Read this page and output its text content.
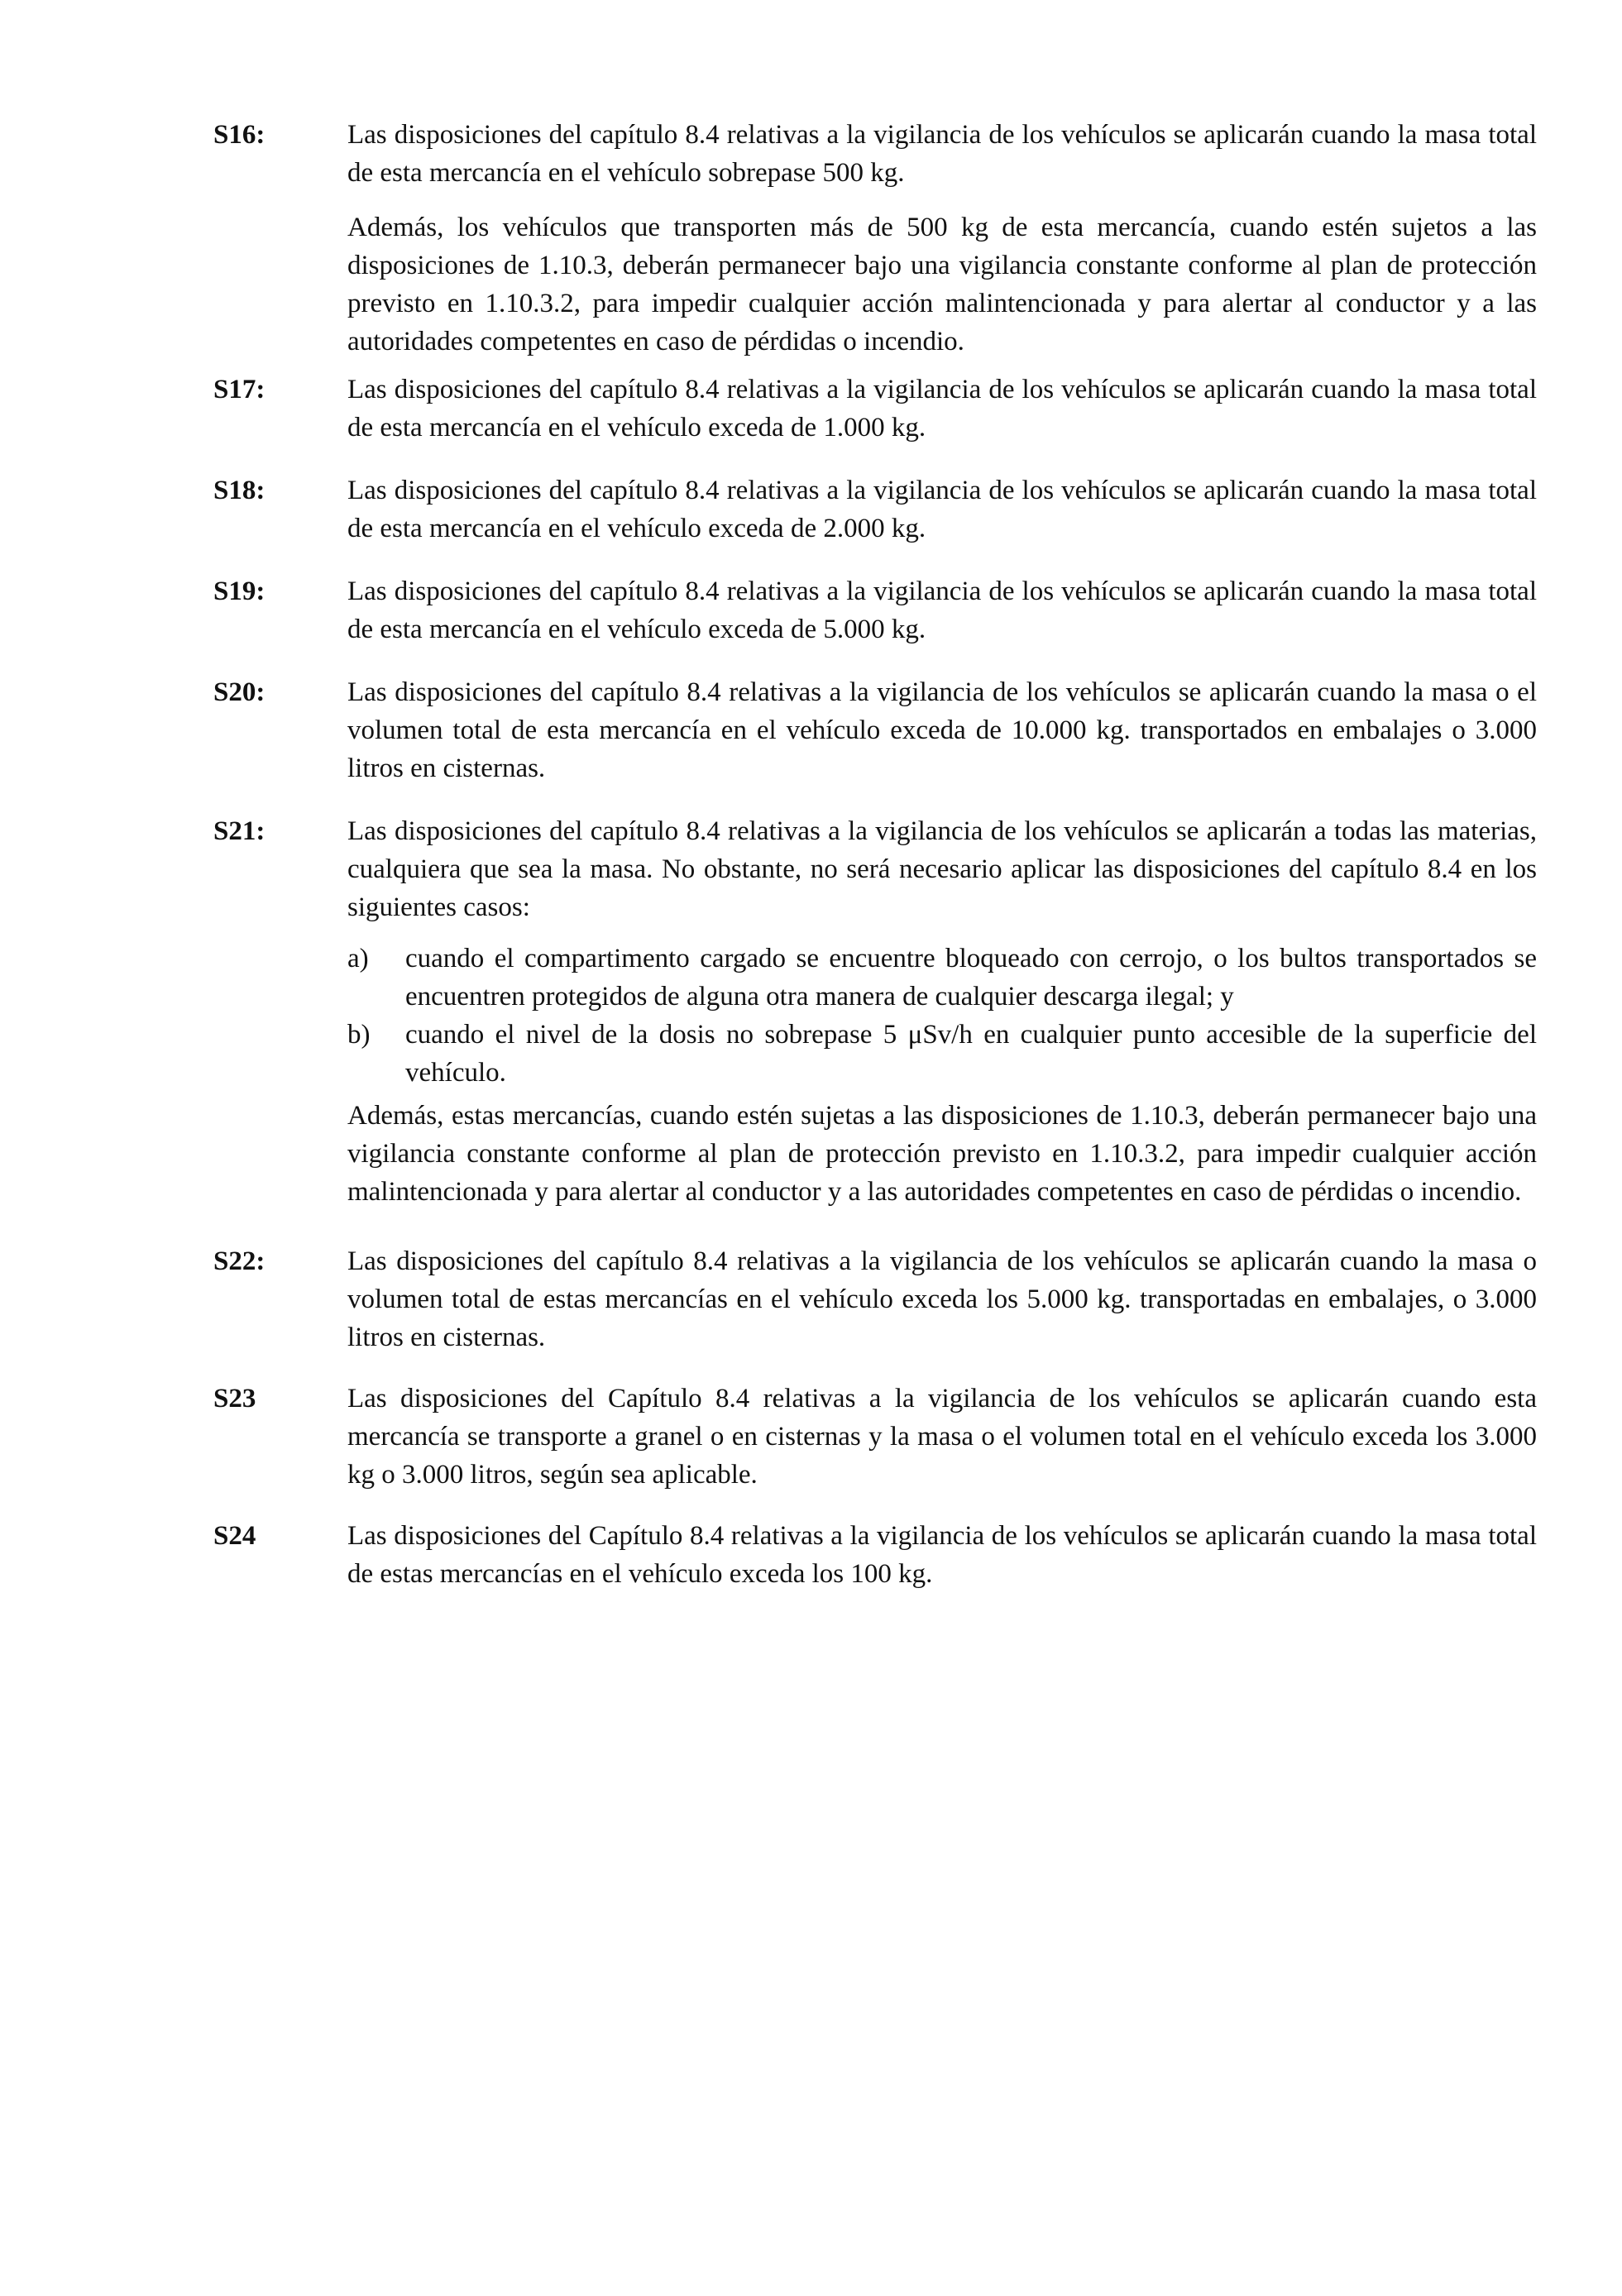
S16:	Las disposiciones del capítulo 8.4 relativas a la vigilancia de los vehículos se aplicarán cuando la masa total de esta mercancía en el vehículo sobrepase 500 kg.

Además, los vehículos que transporten más de 500 kg de esta mercancía, cuando estén sujetos a las disposiciones de 1.10.3, deberán permanecer bajo una vigilancia constante conforme al plan de protección previsto en 1.10.3.2, para impedir cualquier acción malintencionada y para alertar al conductor y a las autoridades competentes en caso de pérdidas o incendio.

S17:	Las disposiciones del capítulo 8.4 relativas a la vigilancia de los vehículos se aplicarán cuando la masa total de esta mercancía en el vehículo exceda de 1.000 kg.

S18:	Las disposiciones del capítulo 8.4 relativas a la vigilancia de los vehículos se aplicarán cuando la masa total de esta mercancía en el vehículo exceda de 2.000 kg.

S19:	Las disposiciones del capítulo 8.4 relativas a la vigilancia de los vehículos se aplicarán cuando la masa total de esta mercancía en el vehículo exceda de 5.000 kg.

S20:	Las disposiciones del capítulo 8.4 relativas a la vigilancia de los vehículos se aplicarán cuando la masa o el volumen total de esta mercancía en el vehículo exceda de 10.000 kg. transportados en embalajes o 3.000 litros en cisternas.

S21:	Las disposiciones del capítulo 8.4 relativas a la vigilancia de los vehículos se aplicarán a todas las materias, cualquiera que sea la masa. No obstante, no será necesario aplicar las disposiciones del capítulo 8.4 en los siguientes casos:

a) cuando el compartimento cargado se encuentre bloqueado con cerrojo, o los bultos transportados se encuentren protegidos de alguna otra manera de cualquier descarga ilegal; y
b) cuando el nivel de la dosis no sobrepase 5 μSv/h en cualquier punto accesible de la superficie del vehículo.

Además, estas mercancías, cuando estén sujetas a las disposiciones de 1.10.3, deberán permanecer bajo una vigilancia constante conforme al plan de protección previsto en 1.10.3.2, para impedir cualquier acción malintencionada y para alertar al conductor y a las autoridades competentes en caso de pérdidas o incendio.

S22:	Las disposiciones del capítulo 8.4 relativas a la vigilancia de los vehículos se aplicarán cuando la masa o volumen total de estas mercancías en el vehículo exceda los 5.000 kg. transportadas en embalajes, o 3.000 litros en cisternas.

S23	Las disposiciones del Capítulo 8.4 relativas a la vigilancia de los vehículos se aplicarán cuando esta mercancía se transporte a granel o en cisternas y la masa o el volumen total en el vehículo exceda los 3.000 kg o 3.000 litros, según sea aplicable.

S24	Las disposiciones del Capítulo 8.4 relativas a la vigilancia de los vehículos se aplicarán cuando la masa total de estas mercancías en el vehículo exceda los 100 kg.
